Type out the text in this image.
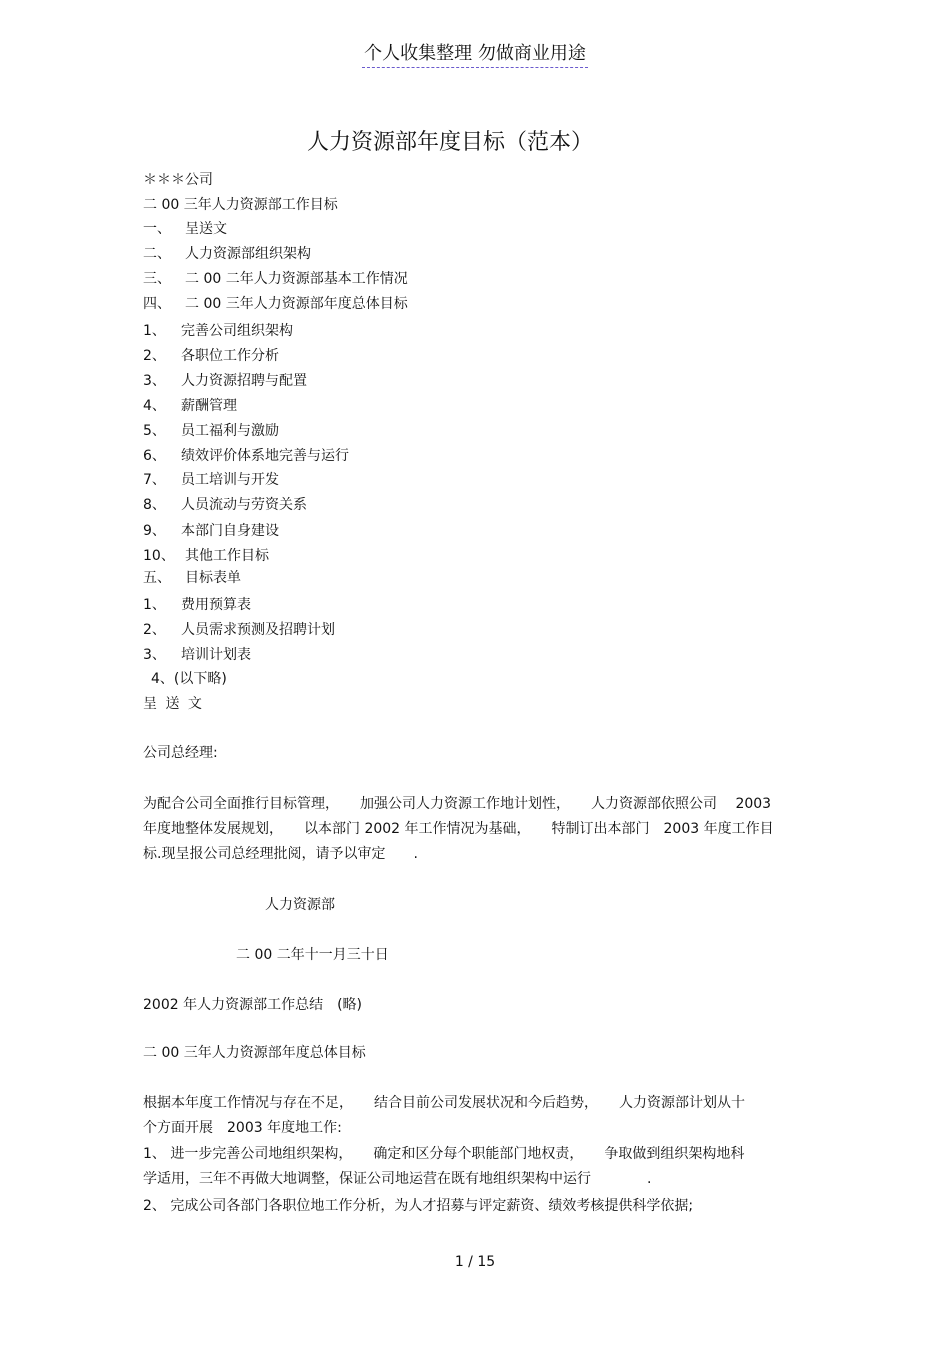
个人收集整理 勿做商业用途
人力资源部年度目标（范本）
＊＊＊公司
二 00 三年人力资源部工作目标
一、 呈送文
二、 人力资源部组织架构
三、 二 00 二年人力资源部基本工作情况
四、 二 00 三年人力资源部年度总体目标
1、 完善公司组织架构
2、 各职位工作分析
3、 人力资源招聘与配置
4、 薪酬管理
5、 员工福利与激励
6、 绩效评价体系地完善与运行
7、 员工培训与开发
8、 人员流动与劳资关系
9、 本部门自身建设
10、 其他工作目标
五、 目标表单
1、 费用预算表
2、 人员需求预测及招聘计划
3、 培训计划表
4、(以下略)
呈 送 文
公司总经理:
为配合公司全面推行目标管理，　　加强公司人力资源工作地计划性，　　人力资源部依照公司　 2003
年度地整体发展规划，　　以本部门 2002 年工作情况为基础，　　特制订出本部门　2003 年度工作目
标.现呈报公司总经理批阅，请予以审定　　.
人力资源部
二 00 二年十一月三十日
2002 年人力资源部工作总结　(略)
二 00 三年人力资源部年度总体目标
根据本年度工作情况与存在不足，　　结合目前公司发展状况和今后趋势，　　人力资源部计划从十
个方面开展　2003 年度地工作:
1、 进一步完善公司地组织架构，　　确定和区分每个职能部门地权责，　　争取做到组织架构地科
学适用，三年不再做大地调整，保证公司地运营在既有地组织架构中运行　　　　.
2、 完成公司各部门各职位地工作分析，为人才招募与评定薪资、绩效考核提供科学依据;
1 / 15
